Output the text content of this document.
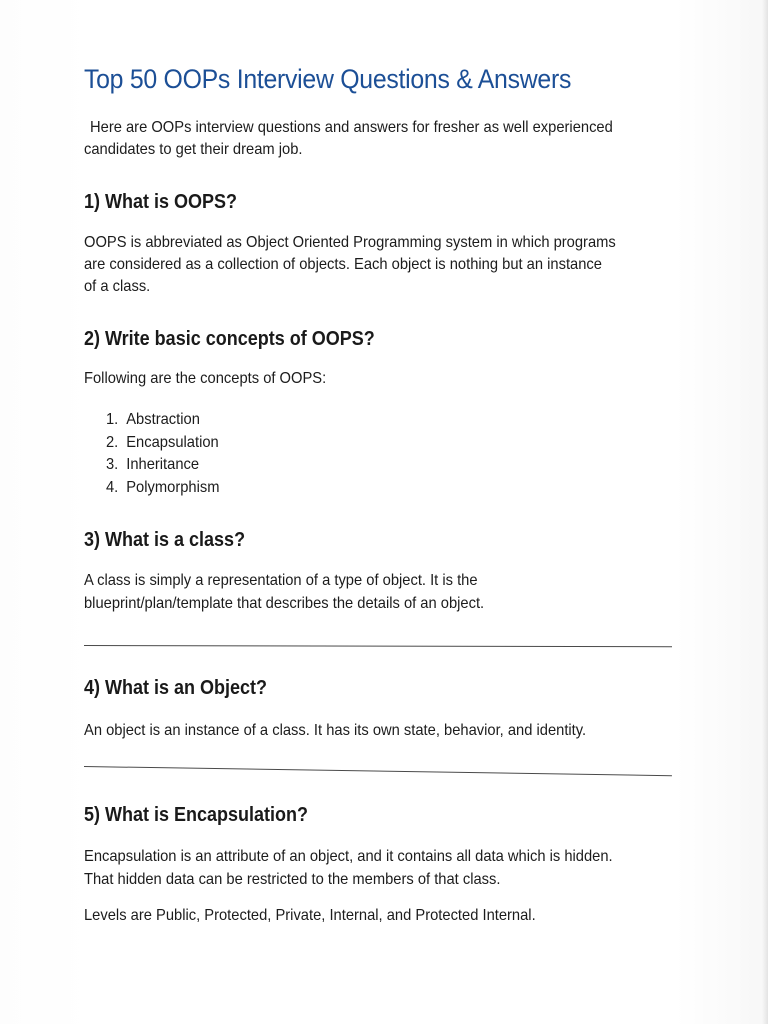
Top 50 OOPs Interview Questions & Answers

Here are OOPs interview questions and answers for fresher as well experienced

candidates to get their dream job.

1) What is OOPS?

OOPS is abbreviated as Object Oriented Programming system in which programs

are considered as a collection of objects. Each object is nothing but an instance

of a class.

2) Write basic concepts of OOPS?

Following are the concepts of OOPS:

1. Abstraction
2. Encapsulation
3. Inheritance
4. Polymorphism
3) What is a class?

A class is simply a representation of a type of object. It is the

blueprint/plan/template that describes the details of an object.

4) What is an Object?

An object is an instance of a class. It has its own state, behavior, and identity.

5) What is Encapsulation?

Encapsulation is an attribute of an object, and it contains all data which is hidden.

That hidden data can be restricted to the members of that class.

Levels are Public, Protected, Private, Internal, and Protected Internal.
